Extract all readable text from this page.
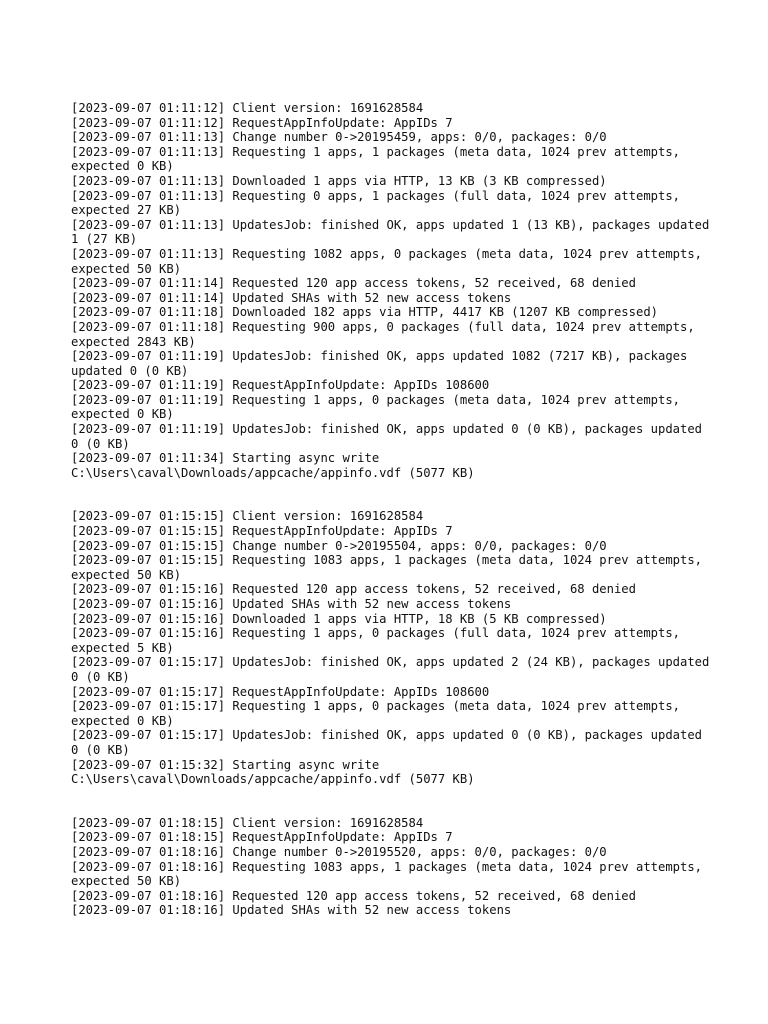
[2023-09-07 01:11:12] Client version: 1691628584
[2023-09-07 01:11:12] RequestAppInfoUpdate: AppIDs 7
[2023-09-07 01:11:13] Change number 0->20195459, apps: 0/0, packages: 0/0
[2023-09-07 01:11:13] Requesting 1 apps, 1 packages (meta data, 1024 prev attempts, expected 0 KB)
[2023-09-07 01:11:13] Downloaded 1 apps via HTTP, 13 KB (3 KB compressed)
[2023-09-07 01:11:13] Requesting 0 apps, 1 packages (full data, 1024 prev attempts, expected 27 KB)
[2023-09-07 01:11:13] UpdatesJob: finished OK, apps updated 1 (13 KB), packages updated 1 (27 KB)
[2023-09-07 01:11:13] Requesting 1082 apps, 0 packages (meta data, 1024 prev attempts, expected 50 KB)
[2023-09-07 01:11:14] Requested 120 app access tokens, 52 received, 68 denied
[2023-09-07 01:11:14] Updated SHAs with 52 new access tokens
[2023-09-07 01:11:18] Downloaded 182 apps via HTTP, 4417 KB (1207 KB compressed)
[2023-09-07 01:11:18] Requesting 900 apps, 0 packages (full data, 1024 prev attempts, expected 2843 KB)
[2023-09-07 01:11:19] UpdatesJob: finished OK, apps updated 1082 (7217 KB), packages updated 0 (0 KB)
[2023-09-07 01:11:19] RequestAppInfoUpdate: AppIDs 108600
[2023-09-07 01:11:19] Requesting 1 apps, 0 packages (meta data, 1024 prev attempts, expected 0 KB)
[2023-09-07 01:11:19] UpdatesJob: finished OK, apps updated 0 (0 KB), packages updated 0 (0 KB)
[2023-09-07 01:11:34] Starting async write C:\Users\caval\Downloads/appcache/appinfo.vdf (5077 KB)
[2023-09-07 01:15:15] Client version: 1691628584
[2023-09-07 01:15:15] RequestAppInfoUpdate: AppIDs 7
[2023-09-07 01:15:15] Change number 0->20195504, apps: 0/0, packages: 0/0
[2023-09-07 01:15:15] Requesting 1083 apps, 1 packages (meta data, 1024 prev attempts, expected 50 KB)
[2023-09-07 01:15:16] Requested 120 app access tokens, 52 received, 68 denied
[2023-09-07 01:15:16] Updated SHAs with 52 new access tokens
[2023-09-07 01:15:16] Downloaded 1 apps via HTTP, 18 KB (5 KB compressed)
[2023-09-07 01:15:16] Requesting 1 apps, 0 packages (full data, 1024 prev attempts, expected 5 KB)
[2023-09-07 01:15:17] UpdatesJob: finished OK, apps updated 2 (24 KB), packages updated 0 (0 KB)
[2023-09-07 01:15:17] RequestAppInfoUpdate: AppIDs 108600
[2023-09-07 01:15:17] Requesting 1 apps, 0 packages (meta data, 1024 prev attempts, expected 0 KB)
[2023-09-07 01:15:17] UpdatesJob: finished OK, apps updated 0 (0 KB), packages updated 0 (0 KB)
[2023-09-07 01:15:32] Starting async write C:\Users\caval\Downloads/appcache/appinfo.vdf (5077 KB)
[2023-09-07 01:18:15] Client version: 1691628584
[2023-09-07 01:18:15] RequestAppInfoUpdate: AppIDs 7
[2023-09-07 01:18:16] Change number 0->20195520, apps: 0/0, packages: 0/0
[2023-09-07 01:18:16] Requesting 1083 apps, 1 packages (meta data, 1024 prev attempts, expected 50 KB)
[2023-09-07 01:18:16] Requested 120 app access tokens, 52 received, 68 denied
[2023-09-07 01:18:16] Updated SHAs with 52 new access tokens
